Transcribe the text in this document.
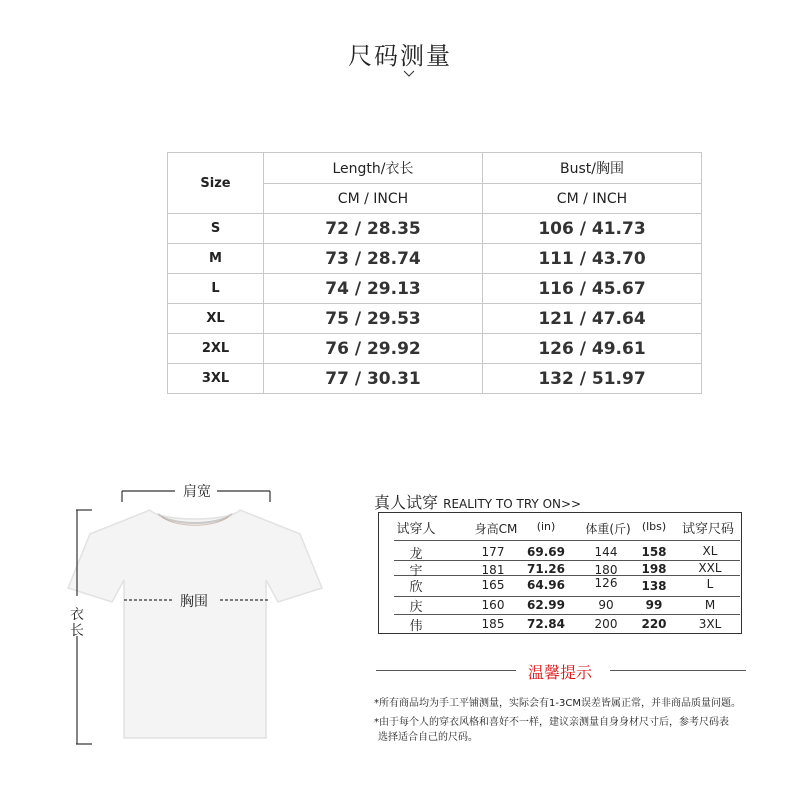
尺码测量
Size	Length/衣长	Bust/胸围
	CM / INCH	CM / INCH
S	72 / 28.35	106 / 41.73
M	73 / 28.74	111 / 43.70
L	74 / 29.13	116 / 45.67
XL	75 / 29.53	121 / 47.64
2XL	76 / 29.92	126 / 49.61
3XL	77 / 30.31	132 / 51.97
肩宽
胸围
衣
长
真人试穿 REALITY TO TRY ON>>
试穿人	身高CM	(in)	体重(斤)	(lbs)	试穿尺码
龙	177	69.69	144	158	XL
宇	181	71.26	180	198	XXL
欣	165	64.96	126	138	L
庆	160	62.99	90	99	M
伟	185	72.84	200	220	3XL
温馨提示
*所有商品均为手工平铺测量，实际会有1-3CM误差皆属正常，并非商品质量问题。
*由于每个人的穿衣风格和喜好不一样，建议亲测量自身身材尺寸后，参考尺码表
选择适合自己的尺码。
